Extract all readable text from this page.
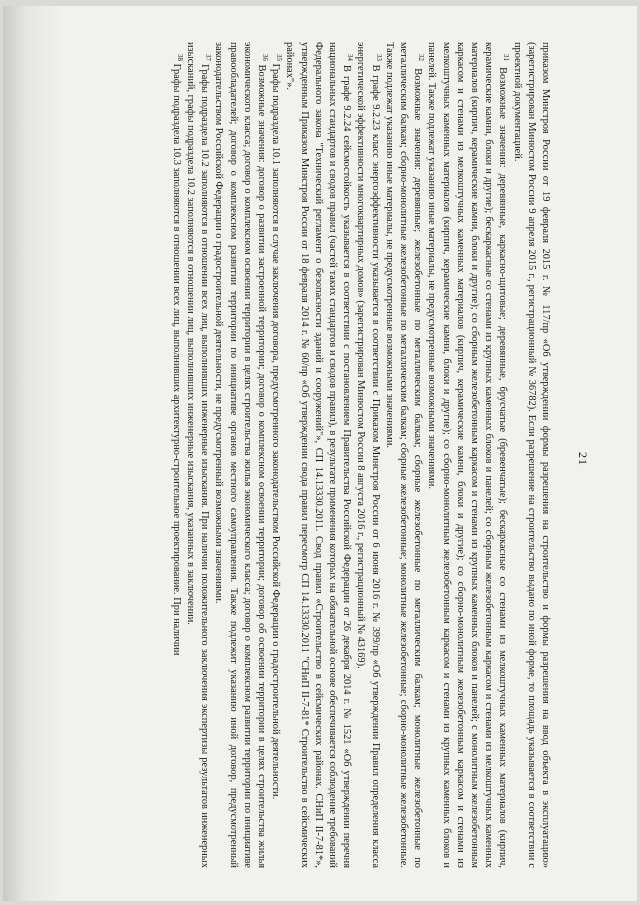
21

приказом Минстроя России от 19 февраля 2015 г. № 117/пр «Об утверждении формы разрешения на строительство и формы разрешения на ввод объекта в эксплуатацию» (зарегистрирован Минюстом России 9 апреля 2015 г., регистрационный № 36782). Если разрешение на строительство выдано по иной форме, то площадь указывается в соответствии с проектной документацией.

$^{31}$ Возможные значения: деревянные, каркасно-щитовые; деревянные, брусчатые (бревенчатые); бескаркасные со стенами из мелкоштучных каменных материалов (кирпич, керамические камни, блоки и другие); бескаркасные со стенами из крупных каменных блоков и панелей; со сборным железобетонным каркасом и стенами из мелкоштучных каменных материалов (кирпич, керамические камни, блоки и другие); со сборным железобетонным каркасом и стенами из крупных каменных блоков и панелей; с монолитным железобетонным каркасом и стенами из мелкоштучных каменных материалов (кирпич, керамические камни, блоки и другие); со сборно-монолитным железобетонным каркасом и стенами из мелкоштучных каменных материалов (кирпич, керамические камни, блоки и другие); со сборно-монолитным железобетонным каркасом и стенами из крупных каменных блоков и панелей. Также подлежат указанию иные материалы, не предусмотренные возможными значениями.

$^{32}$ Возможные значения: деревянные; железобетонные по металлическим балкам; сборные железобетонные по металлическим балкам; монолитные железобетонные по металлическим балкам; сборно-монолитные железобетонные по металлическим балкам; сборные железобетонные; монолитные железобетонные; сборно-монолитные железобетонные. Также подлежат указанию иные материалы, не предусмотренные возможными значениями.

$^{33}$ В графе 9.2.23 класс энергоэффективности указывается в соответствии с Приказом Минстроя России от 6 июня 2016 г. № 399/пр «Об утверждении Правил определения класса энергетической эффективности многоквартирных домов» (зарегистрирован Минюстом России 8 августа 2016 г., регистрационный № 43169).

$^{34}$ В графе 9.2.24 сейсмостойкость указывается в соответствии с постановлением Правительства Российской Федерации от 26 декабря 2014 г. № 1521 «Об утверждении перечня национальных стандартов и сводов правил (частей таких стандартов и сводов правил), в результате применения которых на обязательной основе обеспечивается соблюдение требований Федерального закона "Технический регламент о безопасности зданий и сооружений"», СП 14.13330.2011. Свод правил «Строительство в сейсмических районах. СНиП II-7-81*», утвержденным Приказом Минстроя России от 18 февраля 2014 г. № 60/пр «Об утверждении свода правил пересмотр СП 14.13330.2011 "СНиП II-7-81* Строительство в сейсмических районах"».

$^{35}$ Графы подраздела 10.1 заполняются в случае заключения договора, предусмотренного законодательством Российской Федерации о градостроительной деятельности.

$^{36}$ Возможные значения: договор о развитии застроенной территории; договор о комплексном освоении территории; договор об освоении территории в целях строительства жилья экономического класса; договор о комплексном освоении территории в целях строительства жилья экономического класса; договор о комплексном развитии территории по инициативе правообладателей; договор о комплексном развитии территории по инициативе органов местного самоуправления. Также подлежит указанию иной договор, предусмотренный законодательством Российской Федерации о градостроительной деятельности, не предусмотренный возможными значениями.

$^{37}$ Графы подраздела 10.2 заполняются в отношении всех лиц, выполнивших инженерные изыскания. При наличии положительного заключения экспертизы результатов инженерных изысканий, графы подраздела 10.2 заполняются в отношении лиц, выполнивших инженерные изыскания, указанных в заключении.

$^{38}$ Графы подраздела 10.3 заполняются в отношении всех лиц, выполнивших архитектурно-строительное проектирование. При наличии
